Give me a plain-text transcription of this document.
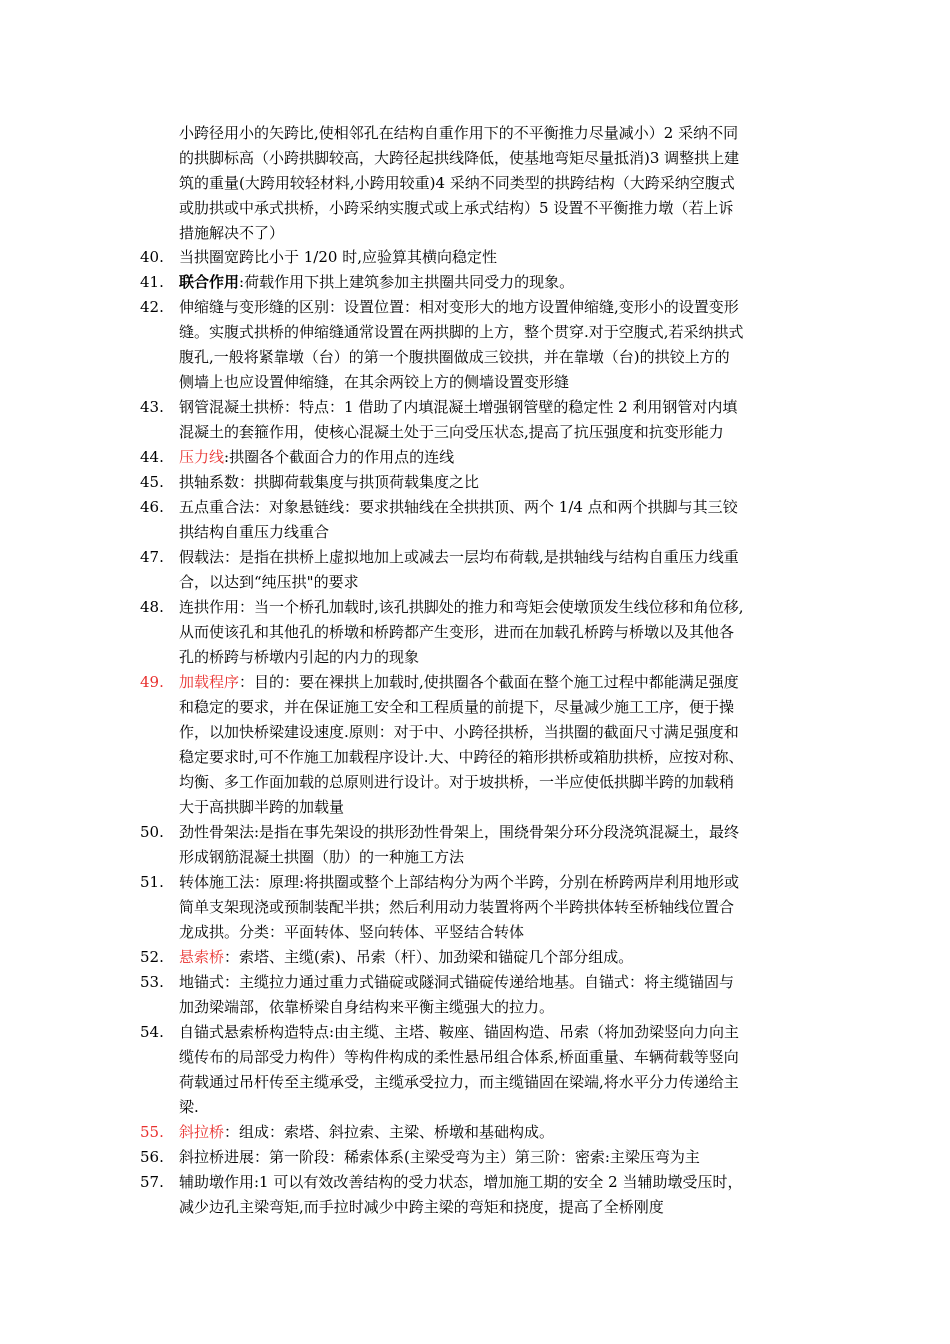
小跨径用小的矢跨比,使相邻孔在结构自重作用下的不平衡推力尽量减小）2 采纳不同

的拱脚标高（小跨拱脚较高，大跨径起拱线降低，使基地弯矩尽量抵消)3 调整拱上建

筑的重量(大跨用较轻材料,小跨用较重)4 采纳不同类型的拱跨结构（大跨采纳空腹式

或肋拱或中承式拱桥，小跨采纳实腹式或上承式结构）5 设置不平衡推力墩（若上诉

措施解决不了）

40.	当拱圈宽跨比小于 1/20 时,应验算其横向稳定性
41.	联合作用:荷载作用下拱上建筑参加主拱圈共同受力的现象。
42.	伸缩缝与变形缝的区别：设置位置：相对变形大的地方设置伸缩缝,变形小的设置变形
缝。实腹式拱桥的伸缩缝通常设置在两拱脚的上方，整个贯穿.对于空腹式,若采纳拱式
腹孔,一般将紧靠墩（台）的第一个腹拱圈做成三铰拱，并在靠墩（台)的拱铰上方的
侧墙上也应设置伸缩缝，在其余两铰上方的侧墙设置变形缝
43.	钢管混凝土拱桥：特点：1 借助了内填混凝土增强钢管壁的稳定性 2 利用钢管对内填
混凝土的套箍作用，使核心混凝土处于三向受压状态,提高了抗压强度和抗变形能力
44.	压力线:拱圈各个截面合力的作用点的连线
45.	拱轴系数：拱脚荷载集度与拱顶荷载集度之比
46.	五点重合法：对象悬链线：要求拱轴线在全拱拱顶、两个 1/4 点和两个拱脚与其三铰
拱结构自重压力线重合
47.	假载法：是指在拱桥上虚拟地加上或减去一层均布荷载,是拱轴线与结构自重压力线重
合，以达到“纯压拱"的要求
48.	连拱作用：当一个桥孔加载时,该孔拱脚处的推力和弯矩会使墩顶发生线位移和角位移,
从而使该孔和其他孔的桥墩和桥跨都产生变形，进而在加载孔桥跨与桥墩以及其他各
孔的桥跨与桥墩内引起的内力的现象
49.	加载程序：目的：要在裸拱上加载时,使拱圈各个截面在整个施工过程中都能满足强度
和稳定的要求，并在保证施工安全和工程质量的前提下，尽量减少施工工序，便于操
作，以加快桥梁建设速度.原则：对于中、小跨径拱桥，当拱圈的截面尺寸满足强度和
稳定要求时,可不作施工加载程序设计.大、中跨径的箱形拱桥或箱肋拱桥，应按对称、
均衡、多工作面加载的总原则进行设计。对于坡拱桥，一半应使低拱脚半跨的加载稍
大于高拱脚半跨的加载量
50.	劲性骨架法:是指在事先架设的拱形劲性骨架上，围绕骨架分环分段浇筑混凝土，最终
形成钢筋混凝土拱圈（肋）的一种施工方法
51.	转体施工法：原理:将拱圈或整个上部结构分为两个半跨，分别在桥跨两岸利用地形或
简单支架现浇或预制装配半拱；然后利用动力装置将两个半跨拱体转至桥轴线位置合
龙成拱。分类：平面转体、竖向转体、平竖结合转体
52.	悬索桥：索塔、主缆(索)、吊索（杆）、加劲梁和锚碇几个部分组成。
53.	地锚式：主缆拉力通过重力式锚碇或隧洞式锚碇传递给地基。自锚式：将主缆锚固与
加劲梁端部，依靠桥梁自身结构来平衡主缆强大的拉力。
54.	自锚式悬索桥构造特点:由主缆、主塔、鞍座、锚固构造、吊索（将加劲梁竖向力向主
缆传布的局部受力构件）等构件构成的柔性悬吊组合体系,桥面重量、车辆荷载等竖向
荷载通过吊杆传至主缆承受，主缆承受拉力，而主缆锚固在梁端,将水平分力传递给主
梁.
55.	斜拉桥：组成：索塔、斜拉索、主梁、桥墩和基础构成。
56.	斜拉桥进展：第一阶段：稀索体系(主梁受弯为主）第三阶：密索:主梁压弯为主
57.	辅助墩作用:1 可以有效改善结构的受力状态，增加施工期的安全 2 当辅助墩受压时，
减少边孔主梁弯矩,而手拉时减少中跨主梁的弯矩和挠度，提高了全桥刚度
